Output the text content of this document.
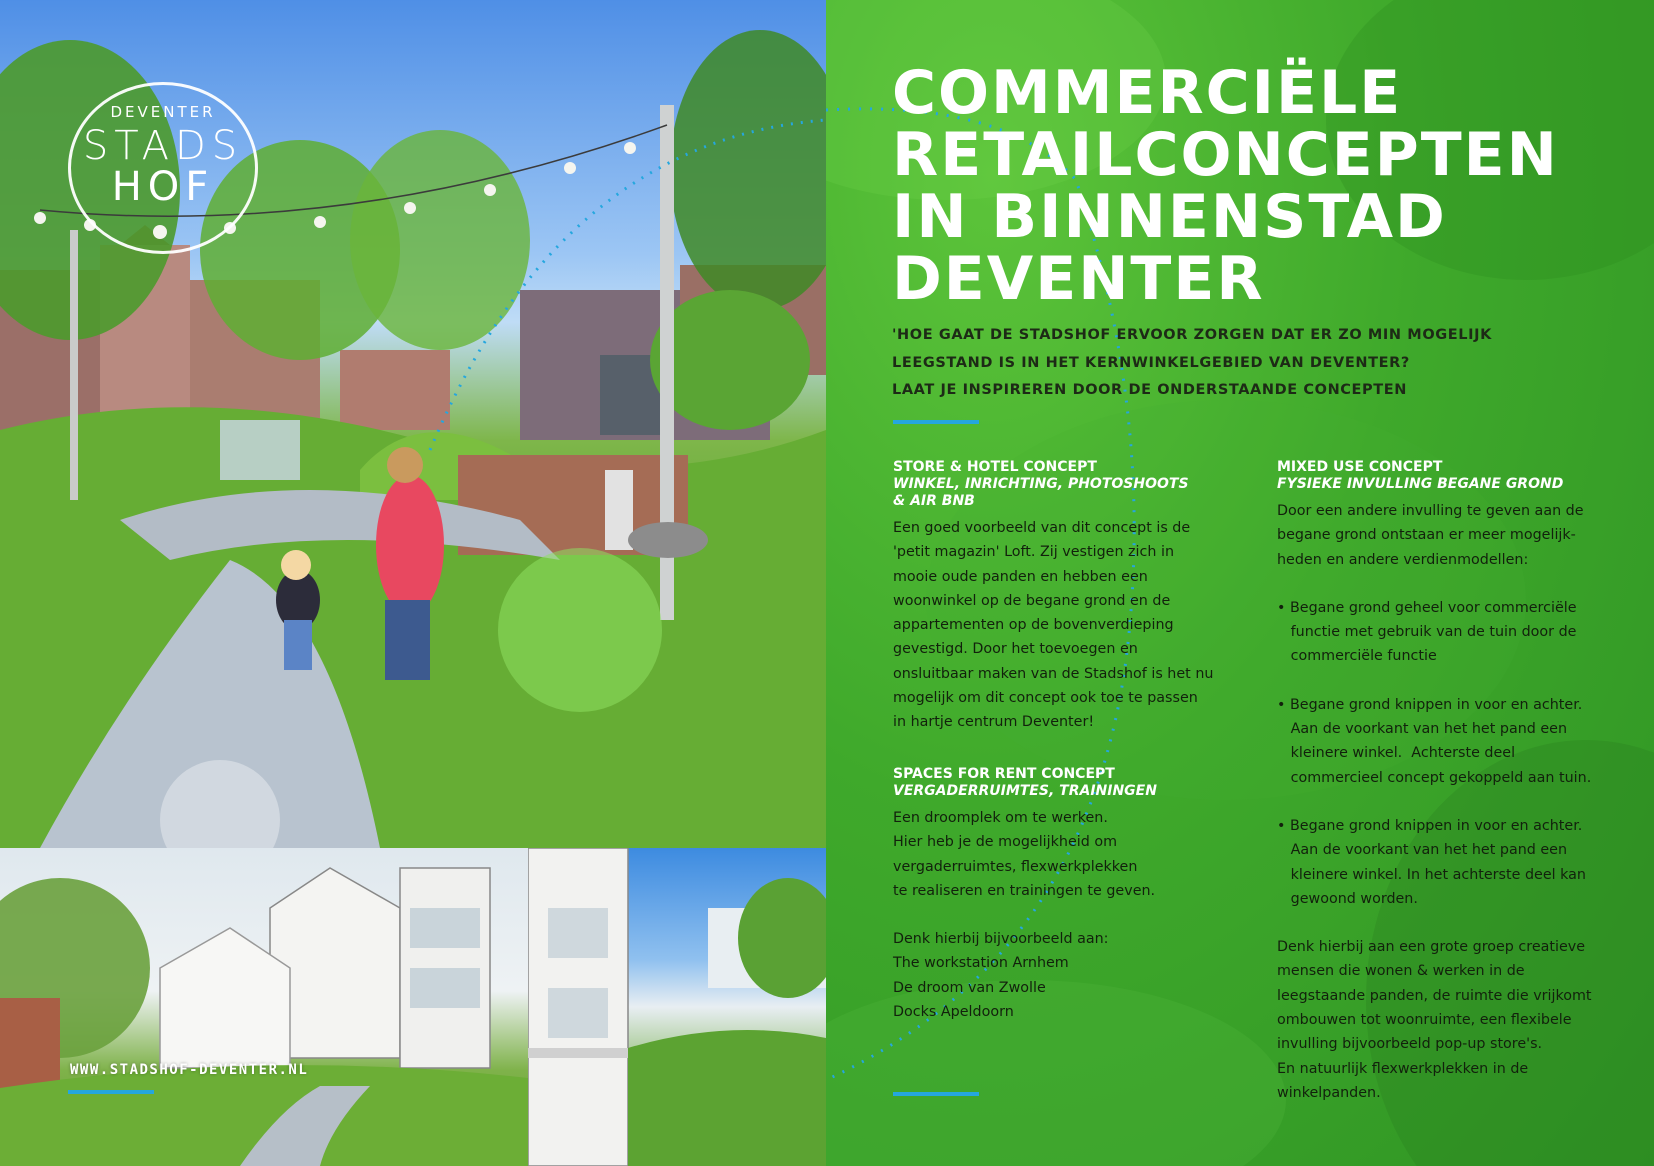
DEVENTER
STADS
HOF
WWW.STADSHOF-DEVENTER.NL
COMMERCIËLE
RETAILCONCEPTEN
IN BINNENSTAD
DEVENTER
'HOE GAAT DE STADSHOF ERVOOR ZORGEN DAT ER ZO MIN MOGELIJK
LEEGSTAND IS IN HET KERNWINKELGEBIED VAN DEVENTER?
LAAT JE INSPIREREN DOOR DE ONDERSTAANDE CONCEPTEN
STORE & HOTEL CONCEPT
WINKEL, INRICHTING, PHOTOSHOOTS
& AIR BNB
Een goed voorbeeld van dit concept is de
'petit magazin' Loft. Zij vestigen zich in
mooie oude panden en hebben een
woonwinkel op de begane grond en de
appartementen op de bovenverdieping
gevestigd. Door het toevoegen en
onsluitbaar maken van de Stadshof is het nu
mogelijk om dit concept ook toe te passen
in hartje centrum Deventer!
SPACES FOR RENT CONCEPT
VERGADERRUIMTES, TRAININGEN
Een droomplek om te werken.
Hier heb je de mogelijkheid om
vergaderruimtes, flexwerkplekken
te realiseren en trainingen te geven.
Denk hierbij bijvoorbeeld aan:
The workstation Arnhem
De droom van Zwolle
Docks Apeldoorn
MIXED USE CONCEPT
FYSIEKE INVULLING BEGANE GROND
Door een andere invulling te geven aan de
begane grond ontstaan er meer mogelijk-
heden en andere verdienmodellen:
• Begane grond geheel voor commerciële
functie met gebruik van de tuin door de
commerciële functie
• Begane grond knippen in voor en achter.
Aan de voorkant van het het pand een
kleinere winkel.  Achterste deel
commercieel concept gekoppeld aan tuin.
• Begane grond knippen in voor en achter.
Aan de voorkant van het het pand een
kleinere winkel. In het achterste deel kan
gewoond worden.
Denk hierbij aan een grote groep creatieve
mensen die wonen & werken in de
leegstaande panden, de ruimte die vrijkomt
ombouwen tot woonruimte, een flexibele
invulling bijvoorbeeld pop-up store's.
En natuurlijk flexwerkplekken in de
winkelpanden.
